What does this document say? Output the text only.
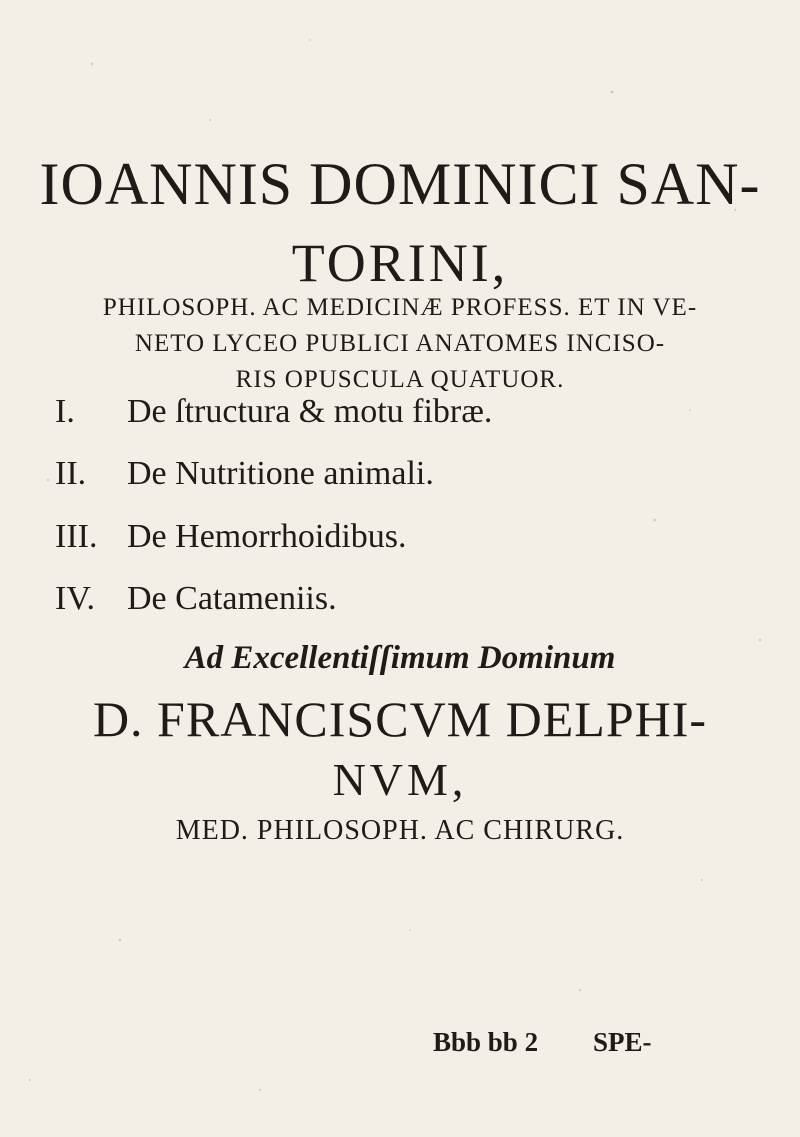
IOANNIS DOMINICI SAN-
TORINI,
PHILOSOPH. AC MEDICINÆ PROFESS. ET IN VE-
NETO LYCEO PUBLICI ANATOMES INCISO-
RIS OPUSCULA QUATUOR.
I. De ſtructura & motu fibræ.
II. De Nutritione animali.
III. De Hemorrhoidibus.
IV. De Catameniis.
Ad Excellentiſſimum Dominum
D. FRANCISCVM DELPHI-
NVM,
MED. PHILOSOPH. AC CHIRURG.
Bbb bb 2 SPE-
